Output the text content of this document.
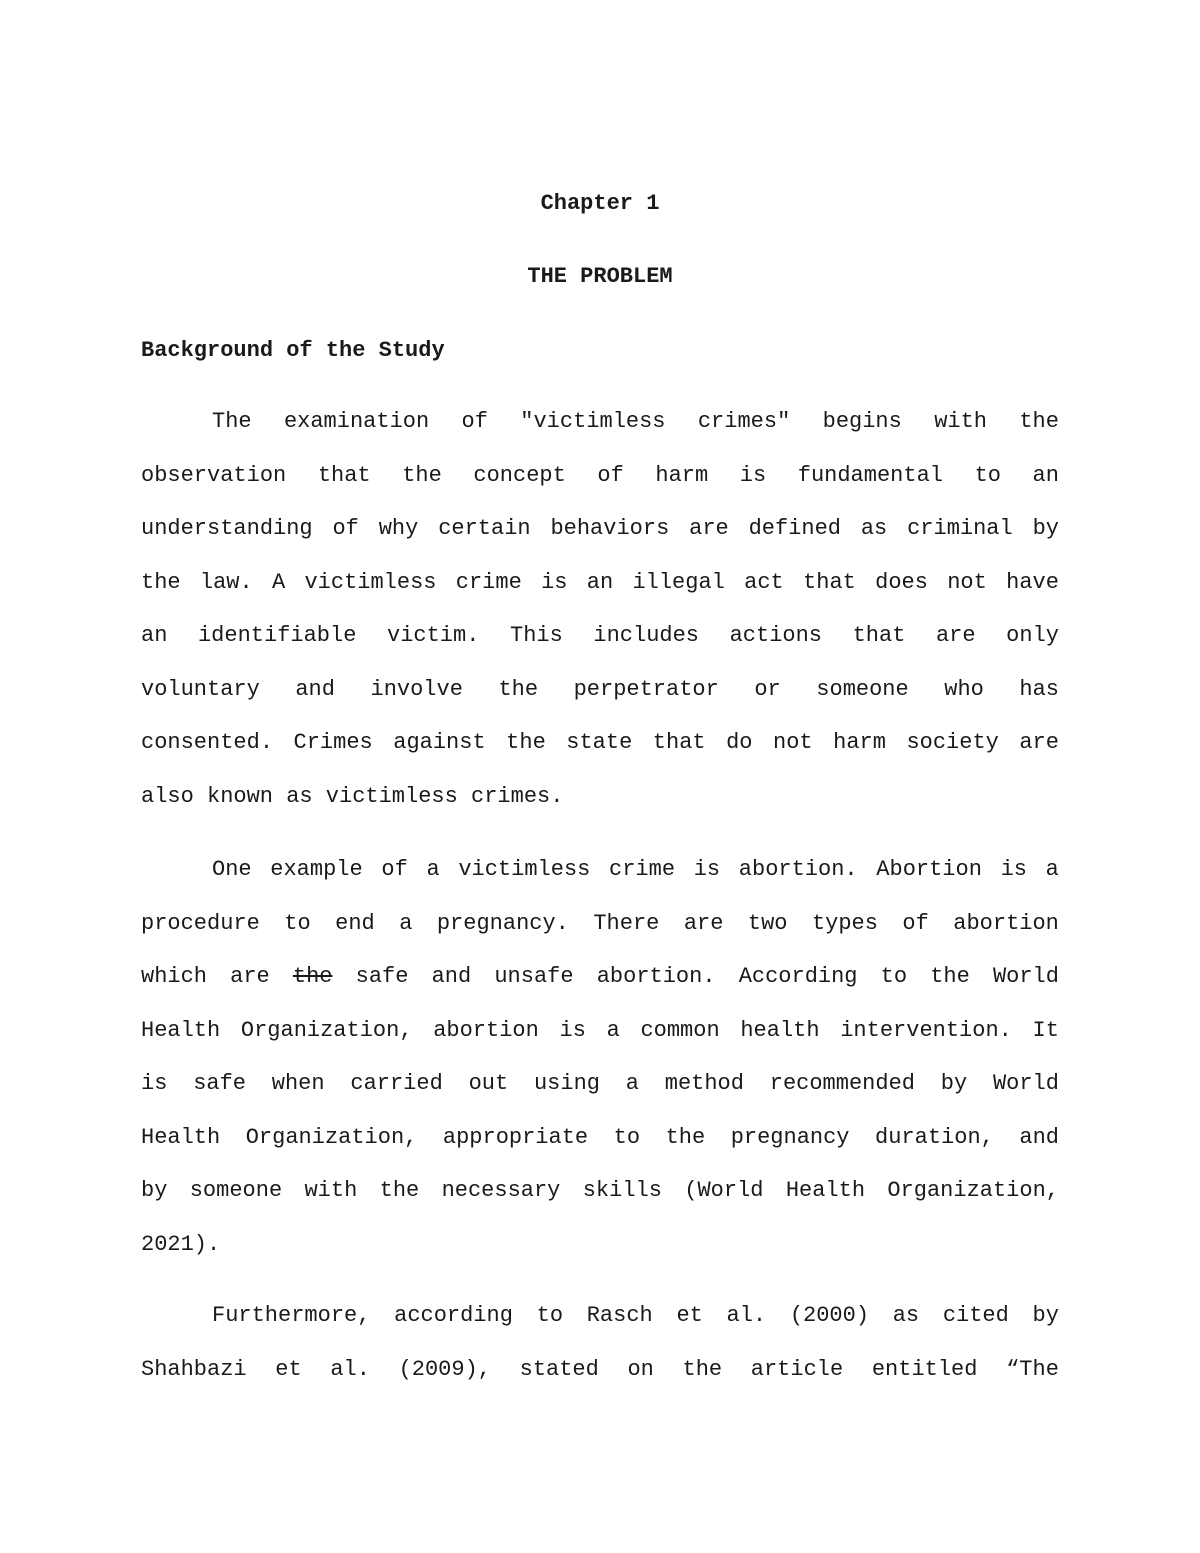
Chapter 1
THE PROBLEM
Background of the Study
The examination of "victimless crimes" begins with the
observation that the concept of harm is fundamental to an
understanding of why certain behaviors are defined as criminal by
the law. A victimless crime is an illegal act that does not have
an identifiable victim. This includes actions that are only
voluntary and involve the perpetrator or someone who has
consented. Crimes against the state that do not harm society are
also known as victimless crimes.
One example of a victimless crime is abortion. Abortion is a
procedure to end a pregnancy. There are two types of abortion
which are the safe and unsafe abortion. According to the World
Health Organization, abortion is a common health intervention. It
is safe when carried out using a method recommended by World
Health Organization, appropriate to the pregnancy duration, and
by someone with the necessary skills (World Health Organization,
2021).
Furthermore, according to Rasch et al. (2000) as cited by
Shahbazi et al. (2009), stated on the article entitled “The
